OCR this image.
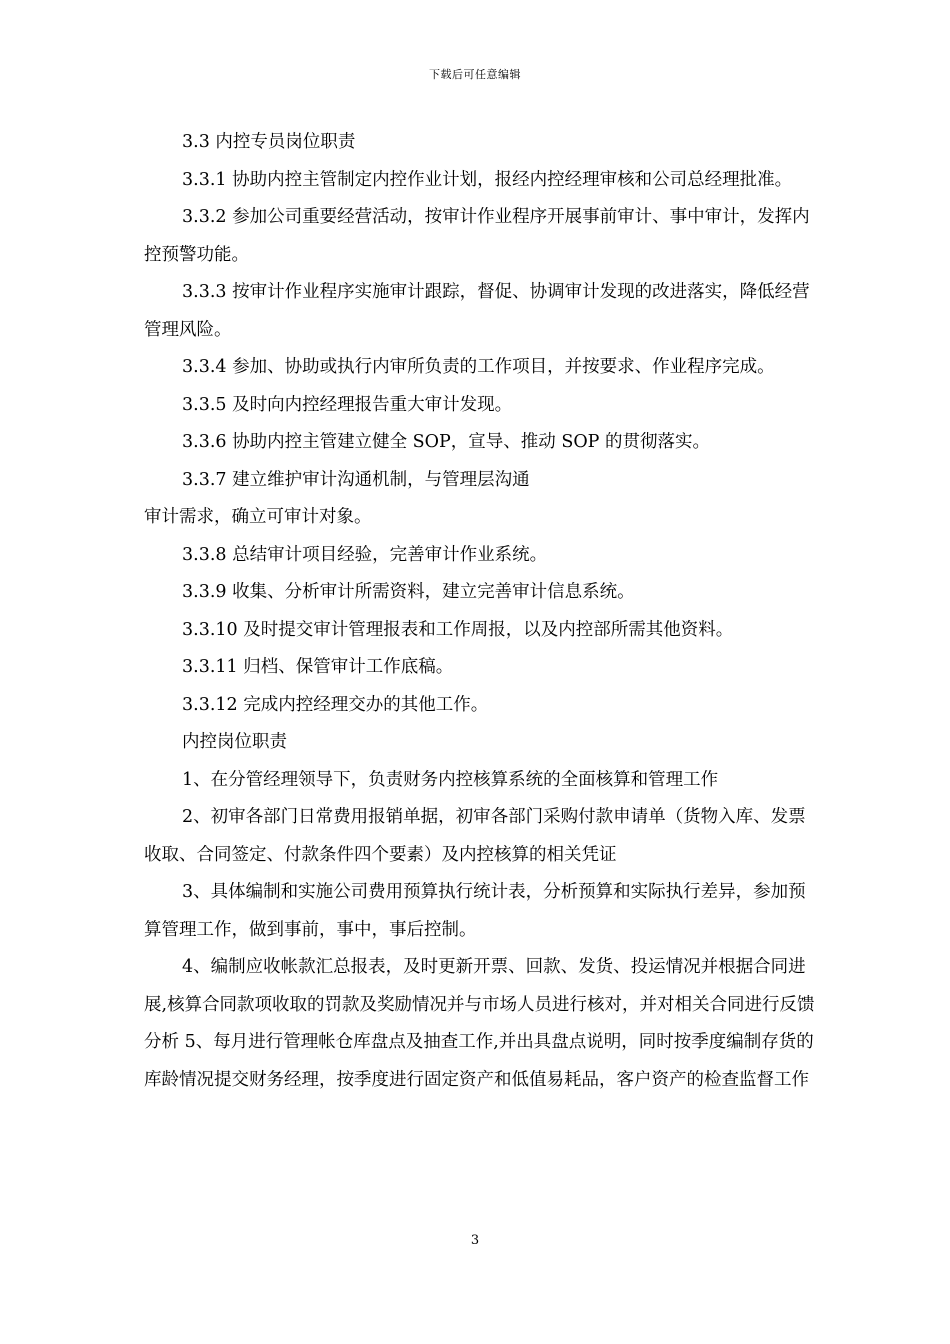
下载后可任意编辑

3.3 内控专员岗位职责

3.3.1 协助内控主管制定内控作业计划，报经内控经理审核和公司总经理批准。

3.3.2 参加公司重要经营活动，按审计作业程序开展事前审计、事中审计，发挥内控预警功能。

3.3.3 按审计作业程序实施审计跟踪，督促、协调审计发现的改进落实，降低经营管理风险。

3.3.4 参加、协助或执行内审所负责的工作项目，并按要求、作业程序完成。

3.3.5 及时向内控经理报告重大审计发现。

3.3.6 协助内控主管建立健全 SOP，宣导、推动 SOP 的贯彻落实。

3.3.7 建立维护审计沟通机制，与管理层沟通

审计需求，确立可审计对象。

3.3.8 总结审计项目经验，完善审计作业系统。

3.3.9 收集、分析审计所需资料，建立完善审计信息系统。

3.3.10 及时提交审计管理报表和工作周报，以及内控部所需其他资料。

3.3.11 归档、保管审计工作底稿。

3.3.12 完成内控经理交办的其他工作。

内控岗位职责

1、在分管经理领导下，负责财务内控核算系统的全面核算和管理工作

2、初审各部门日常费用报销单据，初审各部门采购付款申请单（货物入库、发票收取、合同签定、付款条件四个要素）及内控核算的相关凭证

3、具体编制和实施公司费用预算执行统计表，分析预算和实际执行差异，参加预算管理工作，做到事前，事中，事后控制。

4、编制应收帐款汇总报表，及时更新开票、回款、发货、投运情况并根据合同进展,核算合同款项收取的罚款及奖励情况并与市场人员进行核对，并对相关合同进行反馈分析 5、每月进行管理帐仓库盘点及抽查工作,并出具盘点说明，同时按季度编制存货的库龄情况提交财务经理，按季度进行固定资产和低值易耗品，客户资产的检查监督工作

3
